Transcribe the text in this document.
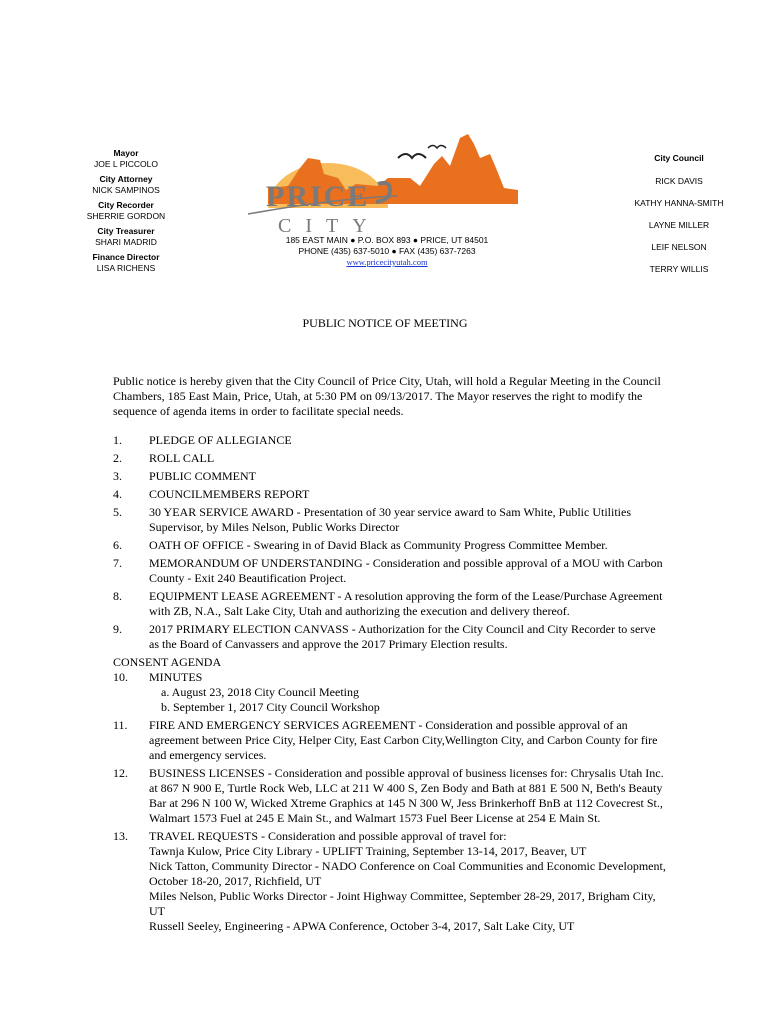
Mayor
JOE L PICCOLO
City Attorney
NICK SAMPINOS
City Recorder
SHERRIE GORDON
City Treasurer
SHARI MADRID
Finance Director
LISA RICHENS
PRICE
CITY
185 EAST MAIN ● P.O. BOX 893 ● PRICE, UT 84501
PHONE (435) 637-5010 ● FAX (435) 637-7263
www.pricecityutah.com
City Council
RICK DAVIS
KATHY HANNA-SMITH
LAYNE MILLER
LEIF NELSON
TERRY WILLIS
PUBLIC NOTICE OF MEETING
Public notice is hereby given that the City Council of Price City, Utah, will hold a Regular Meeting in the Council Chambers, 185 East Main, Price, Utah, at 5:30 PM on 09/13/2017. The Mayor reserves the right to modify the sequence of agenda items in order to facilitate special needs.
1.	PLEDGE OF ALLEGIANCE
2.	ROLL CALL
3.	PUBLIC COMMENT
4.	COUNCILMEMBERS REPORT
5.	30 YEAR SERVICE AWARD - Presentation of 30 year service award to Sam White, Public Utilities Supervisor, by Miles Nelson, Public Works Director
6.	OATH OF OFFICE - Swearing in of David Black as Community Progress Committee Member.
7.	MEMORANDUM OF UNDERSTANDING - Consideration and possible approval of a MOU with Carbon County - Exit 240 Beautification Project.
8.	EQUIPMENT LEASE AGREEMENT - A resolution approving the form of the Lease/Purchase Agreement with ZB, N.A., Salt Lake City, Utah and authorizing the execution and delivery thereof.
9.	2017 PRIMARY ELECTION CANVASS - Authorization for the City Council and City Recorder to serve as the Board of Canvassers and approve the 2017 Primary Election results.
CONSENT AGENDA
10.	MINUTES
a. August 23, 2018 City Council Meeting
b. September 1, 2017 City Council Workshop
11.	FIRE AND EMERGENCY SERVICES AGREEMENT - Consideration and possible approval of an agreement between Price City, Helper City, East Carbon City,Wellington City, and Carbon County for fire and emergency services.
12.	BUSINESS LICENSES - Consideration and possible approval of business licenses for: Chrysalis Utah Inc. at 867 N 900 E, Turtle Rock Web, LLC at 211 W 400 S, Zen Body and Bath at 881 E 500 N, Beth's Beauty Bar at 296 N 100 W, Wicked Xtreme Graphics at 145 N 300 W, Jess Brinkerhoff BnB at 112 Covecrest St., Walmart 1573 Fuel at 245 E Main St., and Walmart 1573 Fuel Beer License at 254 E Main St.
13.	TRAVEL REQUESTS - Consideration and possible approval of travel for:
Tawnja Kulow, Price City Library - UPLIFT Training, September 13-14, 2017, Beaver, UT
Nick Tatton, Community Director - NADO Conference on Coal Communities and Economic Development, October 18-20, 2017, Richfield, UT
Miles Nelson, Public Works Director - Joint Highway Committee, September 28-29, 2017, Brigham City, UT
Russell Seeley, Engineering - APWA Conference, October 3-4, 2017, Salt Lake City, UT
